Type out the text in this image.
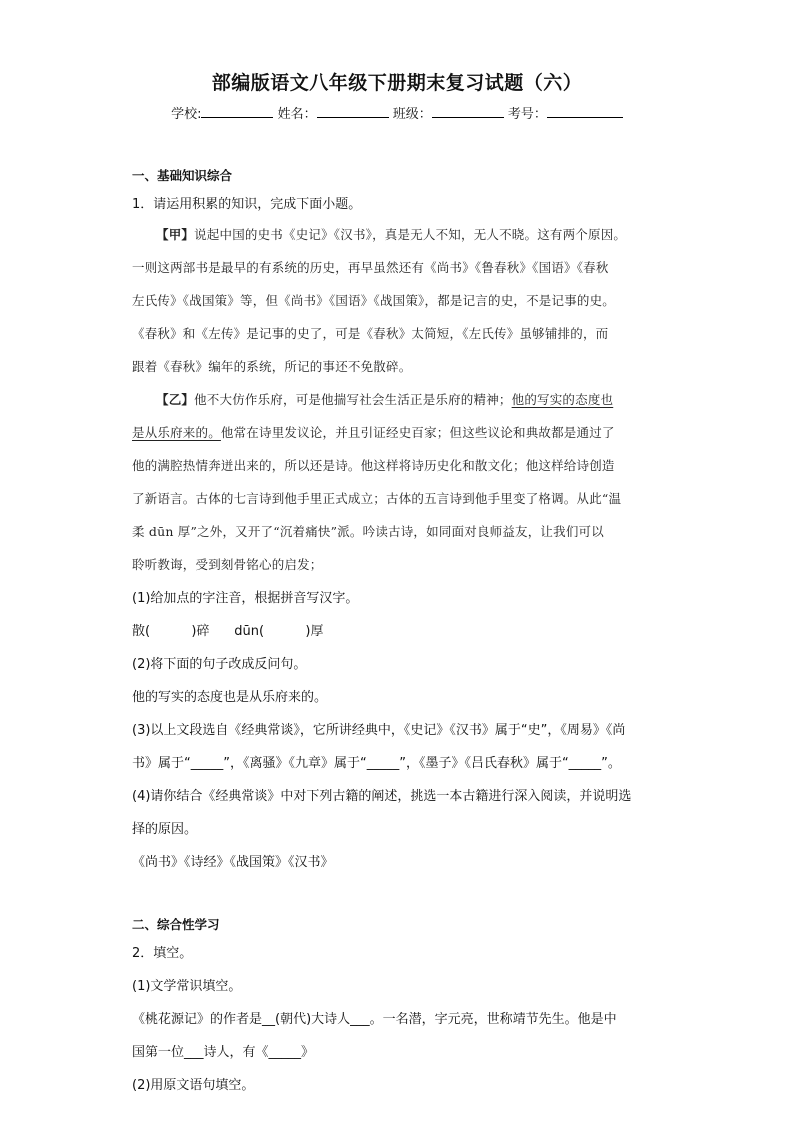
部编版语文八年级下册期末复习试题（六）
学校:	姓名：	班级：	考号：
一、基础知识综合
1．请运用积累的知识，完成下面小题。
【甲】说起中国的史书《史记》《汉书》，真是无人不知，无人不晓。这有两个原因。
一则这两部书是最早的有系统的历史，再早虽然还有《尚书》《鲁春秋》《国语》《春秋
左氏传》《战国策》等，但《尚书》《国语》《战国策》，都是记言的史，不是记事的史。
《春秋》和《左传》是记事的史了，可是《春秋》太简短，《左氏传》虽够铺排的，而
跟着《春秋》编年的系统，所记的事还不免散碎。
【乙】他不大仿作乐府，可是他揣写社会生活正是乐府的精神；他的写实的态度也
是从乐府来的。他常在诗里发议论，并且引证经史百家；但这些议论和典故都是通过了
他的满腔热情奔迸出来的，所以还是诗。他这样将诗历史化和散文化；他这样给诗创造
了新语言。古体的七言诗到他手里正式成立；古体的五言诗到他手里变了格调。从此“温
柔 dūn 厚”之外，又开了“沉着痛快”派。吟读古诗，如同面对良师益友，让我们可以
聆听教诲，受到刻骨铭心的启发；
(1)给加点的字注音，根据拼音写汉字。
散(          )碎      dūn(          )厚
(2)将下面的句子改成反问句。
他的写实的态度也是从乐府来的。
(3)以上文段选自《经典常谈》，它所讲经典中，《史记》《汉书》属于“史”，《周易》《尚
书》属于“_____”，《离骚》《九章》属于“_____”，《墨子》《吕氏春秋》属于“_____”。
(4)请你结合《经典常谈》中对下列古籍的阐述，挑选一本古籍进行深入阅读，并说明选
择的原因。
《尚书》《诗经》《战国策》《汉书》
二、综合性学习
2．填空。
(1)文学常识填空。
《桃花源记》的作者是__(朝代)大诗人___。一名潜，字元亮，世称靖节先生。他是中
国第一位___诗人，有《_____》
(2)用原文语句填空。
